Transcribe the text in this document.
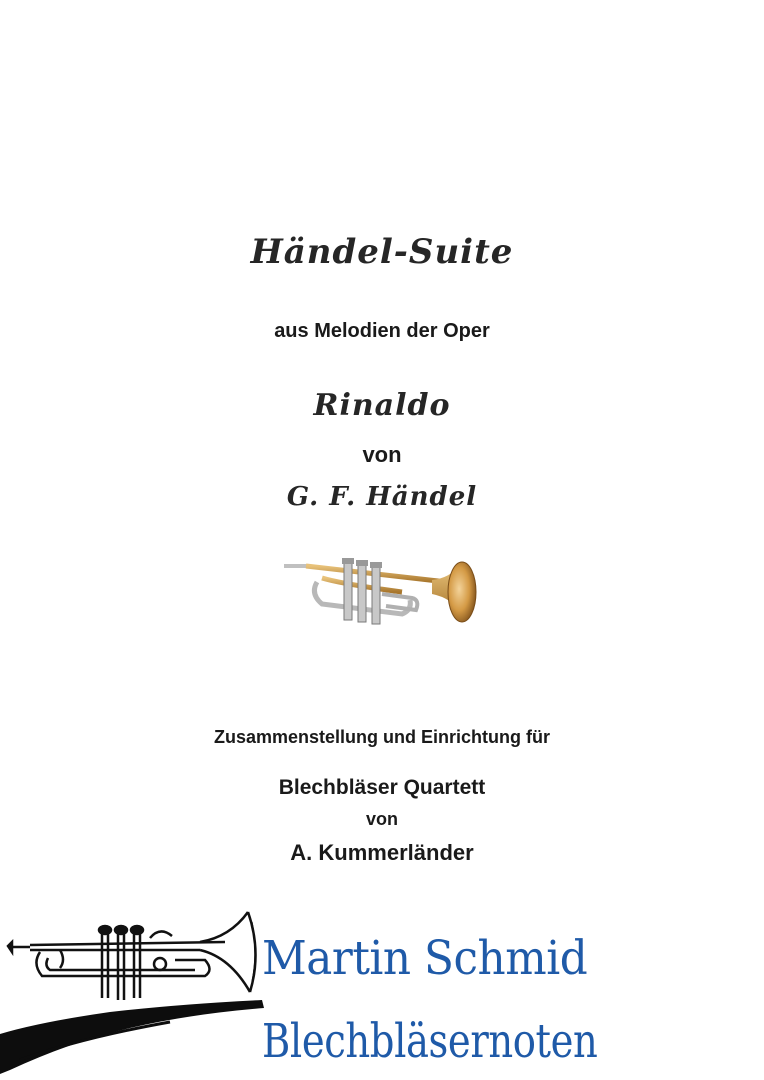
Händel-Suite
aus Melodien der Oper
Rinaldo
von
G. F. Händel
Zusammenstellung und Einrichtung für
Blechbläser Quartett
von
A. Kummerländer
Martin Schmid
Blechbläsernoten
